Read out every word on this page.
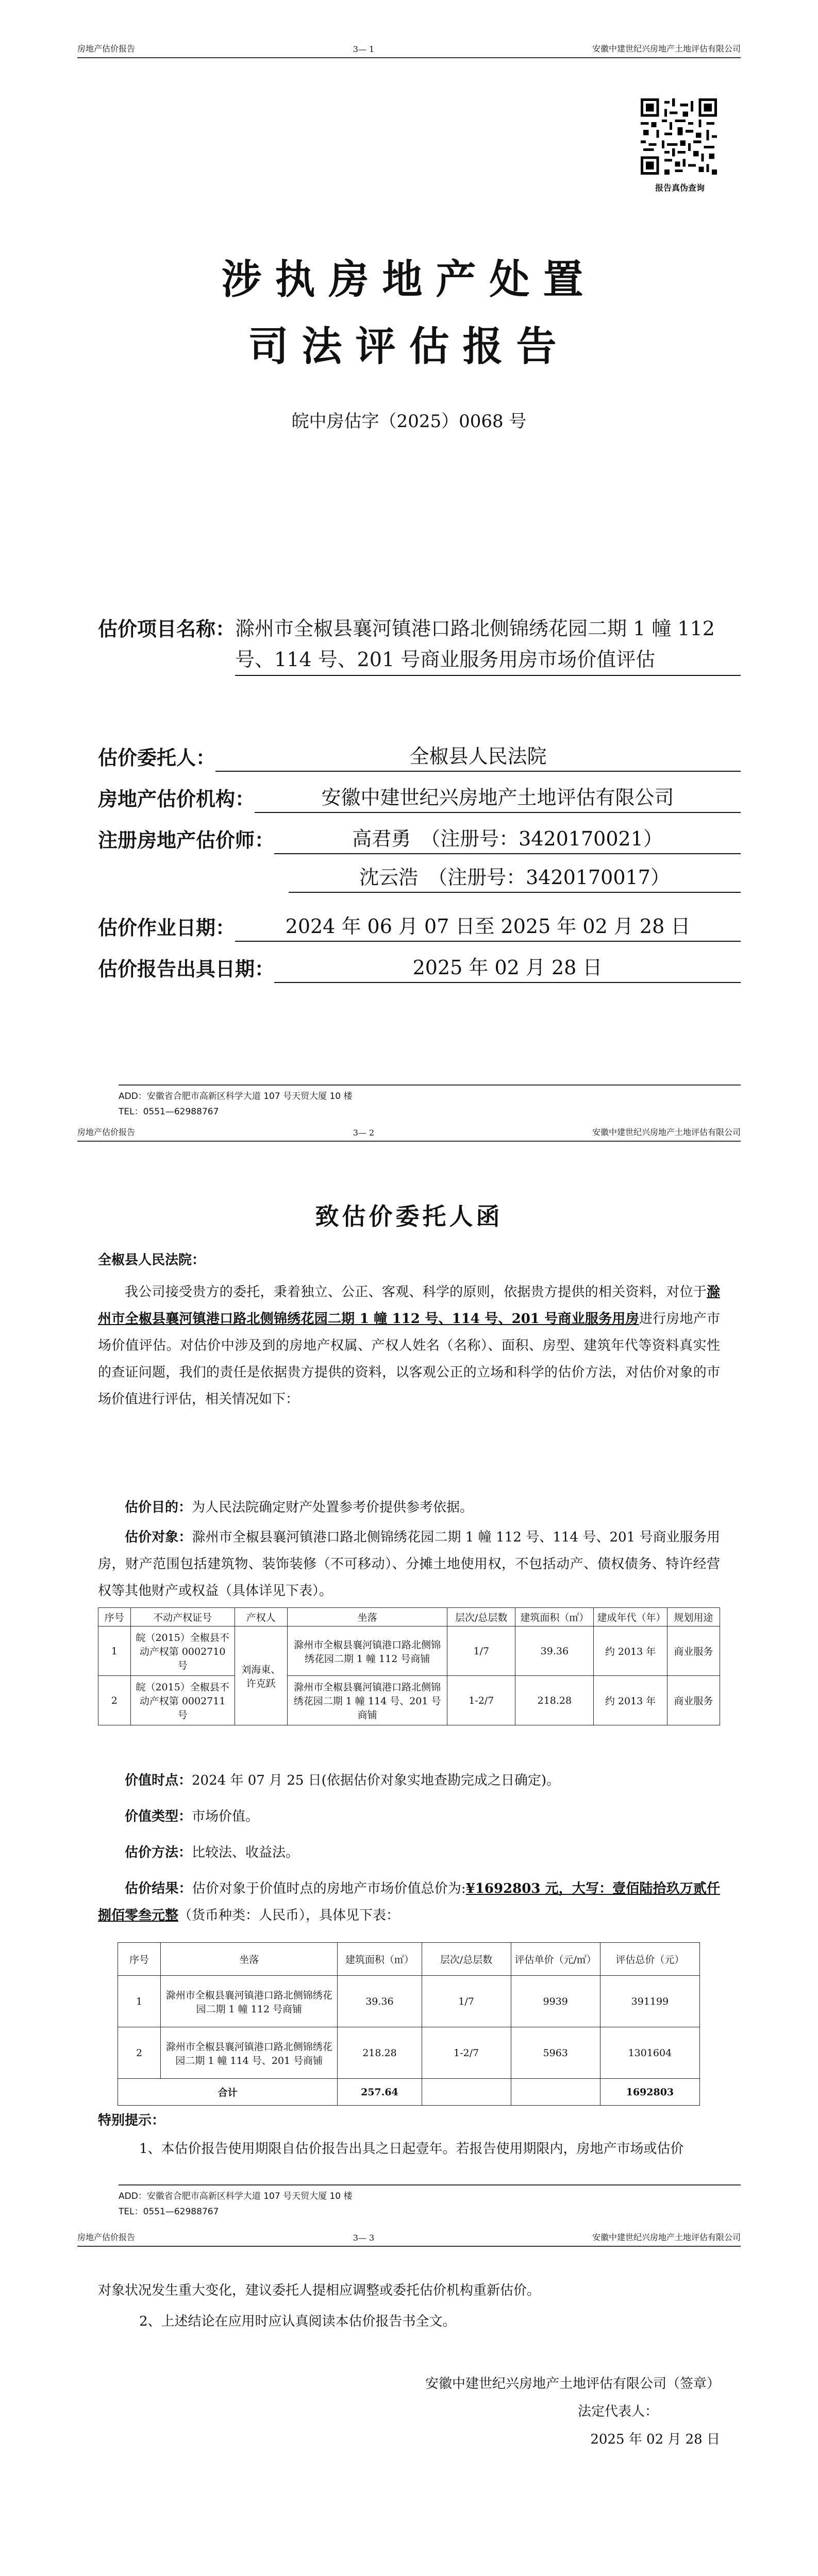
房地产估价报告	3— 1	安徽中建世纪兴房地产土地评估有限公司
报告真伪查询
涉执房地产处置
司法评估报告
皖中房估字（2025）0068 号
估价项目名称： 滁州市全椒县襄河镇港口路北侧锦绣花园二期 1 幢 112 号、114 号、201 号商业服务用房市场价值评估
估价委托人：	全椒县人民法院
房地产估价机构：	安徽中建世纪兴房地产土地评估有限公司
注册房地产估价师：	高君勇　（注册号：3420170021）
沈云浩　（注册号：3420170017）
估价作业日期：	2024 年 06 月 07 日至 2025 年 02 月 28 日
估价报告出具日期：	2025 年 02 月 28 日
ADD：安徽省合肥市高新区科学大道 107 号天贸大厦 10 楼
TEL：0551—62988767
房地产估价报告	3— 2	安徽中建世纪兴房地产土地评估有限公司
致估价委托人函
全椒县人民法院：
我公司接受贵方的委托，秉着独立、公正、客观、科学的原则，依据贵方提供的相关资料，对位于滁州市全椒县襄河镇港口路北侧锦绣花园二期 1 幢 112 号、114 号、201 号商业服务用房进行房地产市场价值评估。对估价中涉及到的房地产权属、产权人姓名（名称）、面积、房型、建筑年代等资料真实性的查证问题，我们的责任是依据贵方提供的资料，以客观公正的立场和科学的估价方法，对估价对象的市场价值进行评估，相关情况如下：
估价目的：为人民法院确定财产处置参考价提供参考依据。
估价对象：滁州市全椒县襄河镇港口路北侧锦绣花园二期 1 幢 112 号、114 号、201 号商业服务用房，财产范围包括建筑物、装饰装修（不可移动）、分摊土地使用权，不包括动产、债权债务、特许经营权等其他财产或权益（具体详见下表）。
序号	不动产权证号	产权人	坐落	层次/总层数	建筑面积（㎡）	建成年代（年）	规划用途
1	皖（2015）全椒县不动产权第 0002710 号	刘海東、许克跃	滁州市全椒县襄河镇港口路北侧锦绣花园二期 1 幢 112 号商铺	1/7	39.36	约 2013 年	商业服务
2	皖（2015）全椒县不动产权第 0002711 号		滁州市全椒县襄河镇港口路北侧锦绣花园二期 1 幢 114 号、201 号商铺	1-2/7	218.28	约 2013 年	商业服务
价值时点：2024 年 07 月 25 日(依据估价对象实地查勘完成之日确定)。
价值类型：市场价值。
估价方法：比较法、收益法。
估价结果：估价对象于价值时点的房地产市场价值总价为:¥1692803 元，大写：壹佰陆拾玖万贰仟捌佰零叁元整（货币种类：人民币），具体见下表：
序号	坐落	建筑面积（㎡）	层次/总层数	评估单价（元/㎡）	评估总价（元）
1	滁州市全椒县襄河镇港口路北侧锦绣花园二期 1 幢 112 号商铺	39.36	1/7	9939	391199
2	滁州市全椒县襄河镇港口路北侧锦绣花园二期 1 幢 114 号、201 号商铺	218.28	1-2/7	5963	1301604
合计		257.64			1692803
特别提示：
1、本估价报告使用期限自估价报告出具之日起壹年。若报告使用期限内，房地产市场或估价
ADD：安徽省合肥市高新区科学大道 107 号天贸大厦 10 楼
TEL：0551—62988767
房地产估价报告	3— 3	安徽中建世纪兴房地产土地评估有限公司
对象状况发生重大变化，建议委托人提相应调整或委托估价机构重新估价。
2、上述结论在应用时应认真阅读本估价报告书全文。
安徽中建世纪兴房地产土地评估有限公司（签章）
法定代表人：
2025 年 02 月 28 日
